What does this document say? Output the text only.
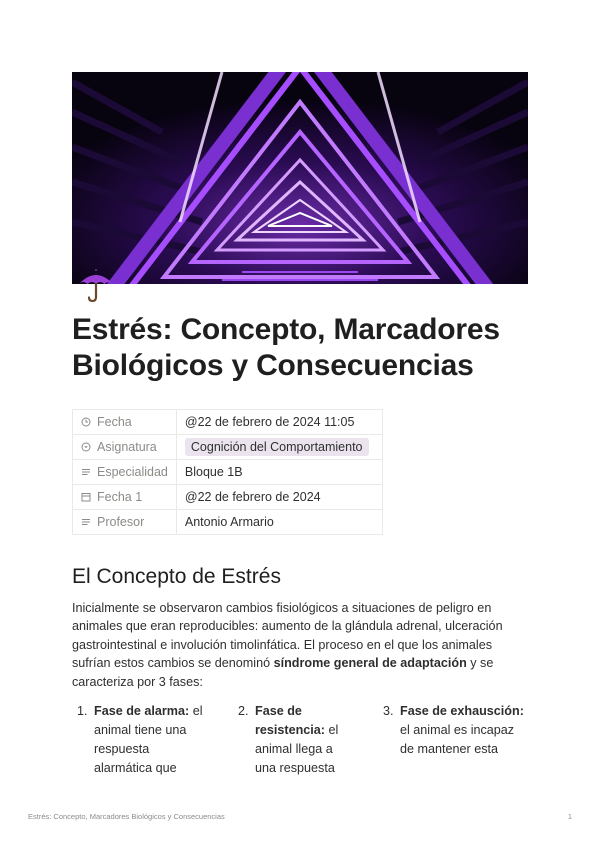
Estrés: Concepto, Marcadores Biológicos y Consecuencias
Fecha	@22 de febrero de 2024 11:05

Asignatura	Cognición del Comportamiento

Especialidad	Bloque 1B

Fecha 1	@22 de febrero de 2024

Profesor	Antonio Armario
El Concepto de Estrés

Inicialmente se observaron cambios fisiológicos a situaciones de peligro en animales que eran reproducibles: aumento de la glándula adrenal, ulceración gastrointestinal e involución timolinfática. El proceso en el que los animales sufrían estos cambios se denominó síndrome general de adaptación y se caracteriza por 3 fases:

1. Fase de alarma: el
animal tiene una
respuesta
alarmática que
2. Fase de
resistencia: el
animal llega a
una respuesta
3. Fase de exhausción:
el animal es incapaz
de mantener esta
Estrés: Concepto, Marcadores Biológicos y Consecuencias	1
